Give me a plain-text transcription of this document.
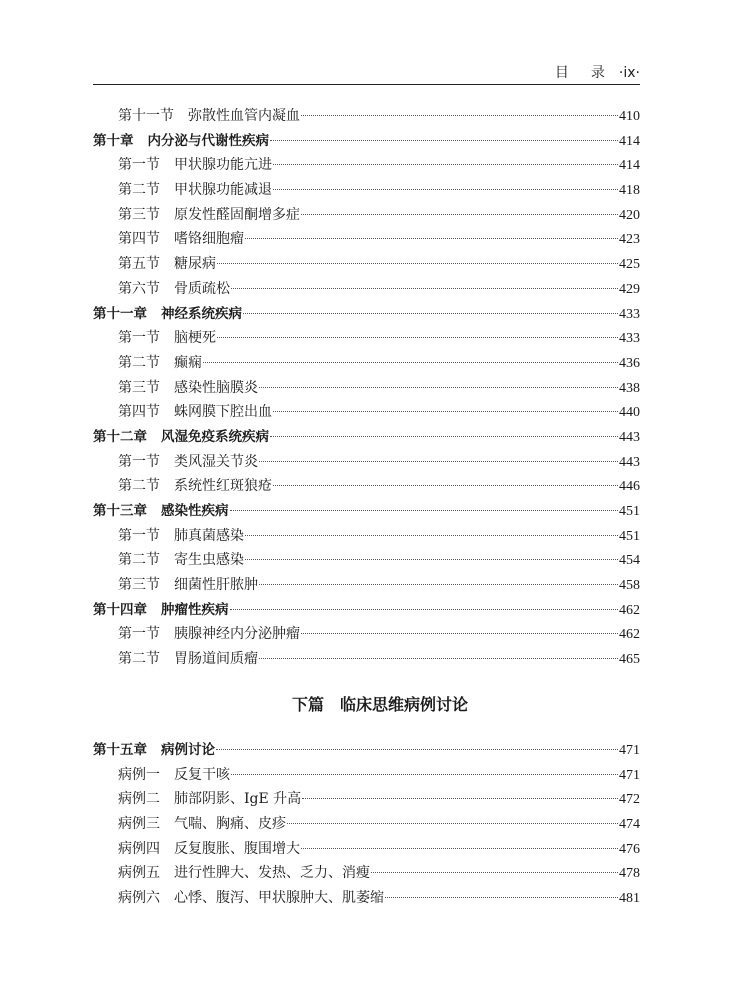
目 录 ·ix·
第十一节 弥散性血管内凝血	410
第十章 内分泌与代谢性疾病	414
第一节 甲状腺功能亢进	414
第二节 甲状腺功能减退	418
第三节 原发性醛固酮增多症	420
第四节 嗜铬细胞瘤	423
第五节 糖尿病	425
第六节 骨质疏松	429
第十一章 神经系统疾病	433
第一节 脑梗死	433
第二节 癫痫	436
第三节 感染性脑膜炎	438
第四节 蛛网膜下腔出血	440
第十二章 风湿免疫系统疾病	443
第一节 类风湿关节炎	443
第二节 系统性红斑狼疮	446
第十三章 感染性疾病	451
第一节 肺真菌感染	451
第二节 寄生虫感染	454
第三节 细菌性肝脓肿	458
第十四章 肿瘤性疾病	462
第一节 胰腺神经内分泌肿瘤	462
第二节 胃肠道间质瘤	465
下篇 临床思维病例讨论
第十五章 病例讨论	471
病例一 反复干咳	471
病例二 肺部阴影、IgE 升高	472
病例三 气喘、胸痛、皮疹	474
病例四 反复腹胀、腹围增大	476
病例五 进行性脾大、发热、乏力、消瘦	478
病例六 心悸、腹泻、甲状腺肿大、肌萎缩	481
